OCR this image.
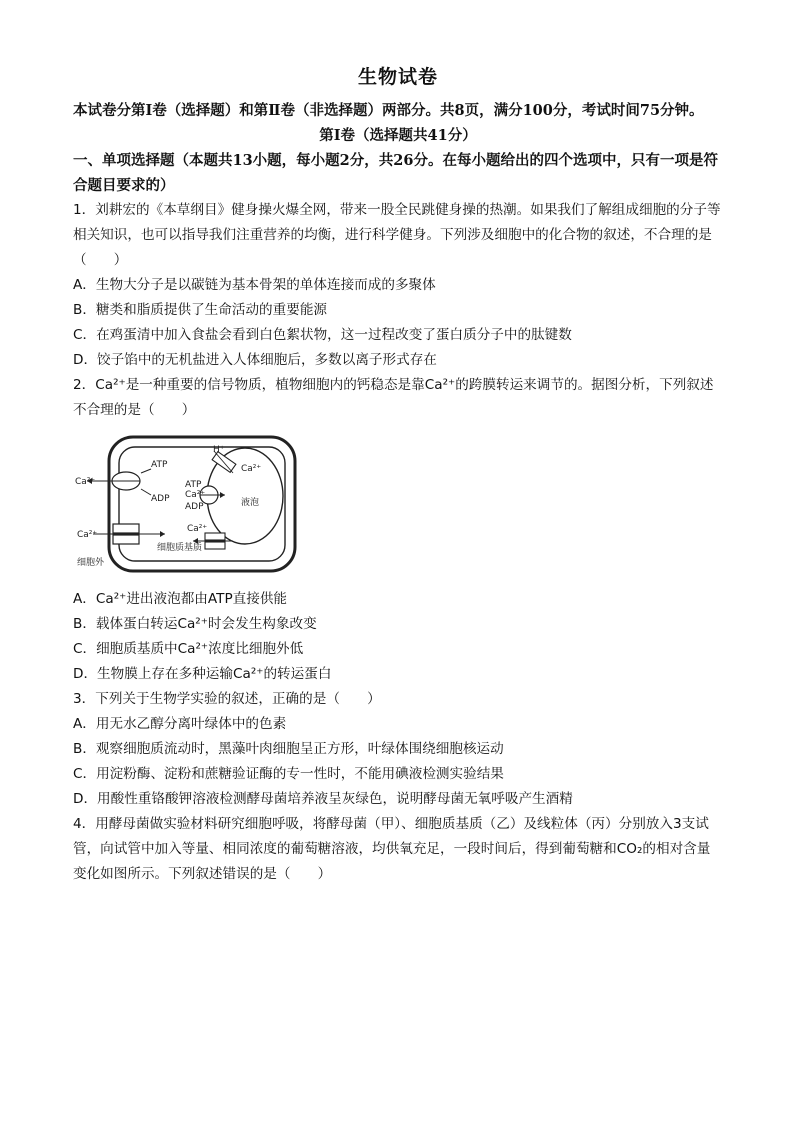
生物试卷

本试卷分第Ⅰ卷（选择题）和第Ⅱ卷（非选择题）两部分。共8页，满分100分，考试时间75分钟。

第Ⅰ卷（选择题共41分）

一、单项选择题（本题共13小题，每小题2分，共26分。在每小题给出的四个选项中，只有一项是符合题目要求的）

1．刘耕宏的《本草纲目》健身操火爆全网，带来一股全民跳健身操的热潮。如果我们了解组成细胞的分子等相关知识，也可以指导我们注重营养的均衡，进行科学健身。下列涉及细胞中的化合物的叙述，不合理的是（　　）

A．生物大分子是以碳链为基本骨架的单体连接而成的多聚体

B．糖类和脂质提供了生命活动的重要能源

C．在鸡蛋清中加入食盐会看到白色絮状物，这一过程改变了蛋白质分子中的肽键数

D．饺子馅中的无机盐进入人体细胞后，多数以离子形式存在

2．Ca²⁺是一种重要的信号物质，植物细胞内的钙稳态是靠Ca²⁺的跨膜转运来调节的。据图分析，下列叙述不合理的是（　　）

Ca²⁺
ATP
ADP
Ca²⁺
细胞外
细胞质基质
H⁺
Ca²⁺
ATP
Ca²⁺
ADP	液泡
Ca²⁺

A．Ca²⁺进出液泡都由ATP直接供能

B．载体蛋白转运Ca²⁺时会发生构象改变

C．细胞质基质中Ca²⁺浓度比细胞外低

D．生物膜上存在多种运输Ca²⁺的转运蛋白

3．下列关于生物学实验的叙述，正确的是（　　）

A．用无水乙醇分离叶绿体中的色素

B．观察细胞质流动时，黑藻叶肉细胞呈正方形，叶绿体围绕细胞核运动

C．用淀粉酶、淀粉和蔗糖验证酶的专一性时，不能用碘液检测实验结果

D．用酸性重铬酸钾溶液检测酵母菌培养液呈灰绿色，说明酵母菌无氧呼吸产生酒精

4．用酵母菌做实验材料研究细胞呼吸，将酵母菌（甲）、细胞质基质（乙）及线粒体（丙）分别放入3支试管，向试管中加入等量、相同浓度的葡萄糖溶液，均供氧充足，一段时间后，得到葡萄糖和CO₂的相对含量变化如图所示。下列叙述错误的是（　　）
